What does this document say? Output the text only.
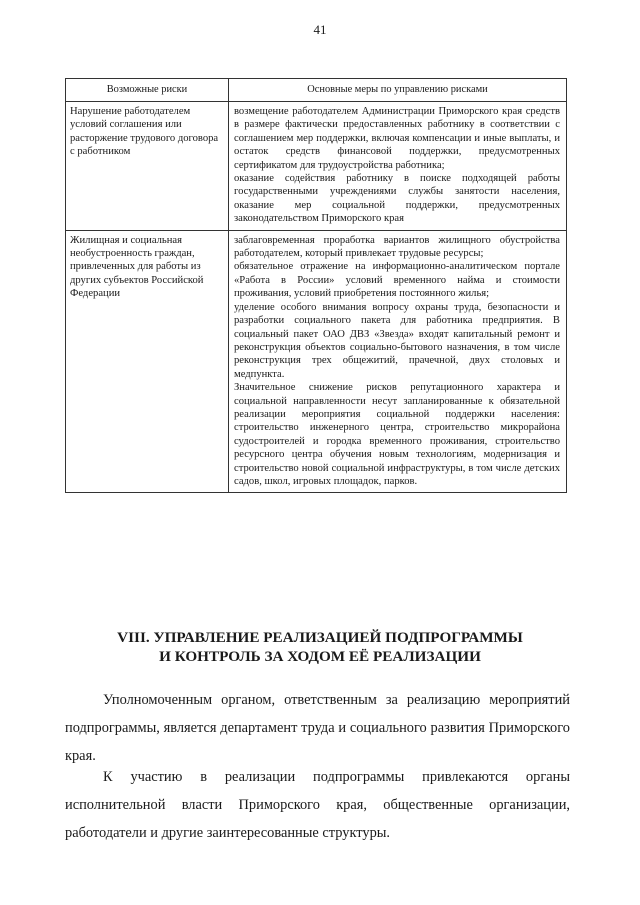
41
Возможные риски	Основные меры по управлению рисками
Нарушение работодателем условий соглашения или расторжение трудового договора с работником	возмещение работодателем Администрации Приморского края средств в размере фактически предоставленных работнику в соответствии с соглашением мер поддержки, включая компенсации и иные выплаты, и остаток средств финансовой поддержки, предусмотренных сертификатом для трудоустройства работника;
оказание содействия работнику в поиске подходящей работы государственными учреждениями службы занятости населения, оказание мер социальной поддержки, предусмотренных законодательством Приморского края

Жилищная и социальная необустроенность граждан, привлеченных для работы из других субъектов Российской Федерации	заблаговременная проработка вариантов жилищного обустройства работодателем, который привлекает трудовые ресурсы;
обязательное отражение на информационно-аналитическом портале «Работа в России» условий временного найма и стоимости проживания, условий приобретения постоянного жилья;
уделение особого внимания вопросу охраны труда, безопасности и разработки социального пакета для работника предприятия. В социальный пакет ОАО ДВЗ «Звезда» входят капитальный ремонт и реконструкция объектов социально-бытового назначения, в том числе реконструкция трех общежитий, прачечной, двух столовых и медпункта.
Значительное снижение рисков репутационного характера и социальной направленности несут запланированные к обязательной реализации мероприятия социальной поддержки населения: строительство инженерного центра, строительство микрорайона судостроителей и городка временного проживания, строительство ресурсного центра обучения новым технологиям, модернизация и строительство новой социальной инфраструктуры, в том числе детских садов, школ, игровых площадок, парков.
VIII. УПРАВЛЕНИЕ РЕАЛИЗАЦИЕЙ ПОДПРОГРАММЫ
И КОНТРОЛЬ ЗА ХОДОМ ЕЁ РЕАЛИЗАЦИИ
Уполномоченным органом, ответственным за реализацию мероприятий подпрограммы, является департамент труда и социального развития Приморского края.
К участию в реализации подпрограммы привлекаются органы исполнительной власти Приморского края, общественные организации, работодатели и другие заинтересованные структуры.
